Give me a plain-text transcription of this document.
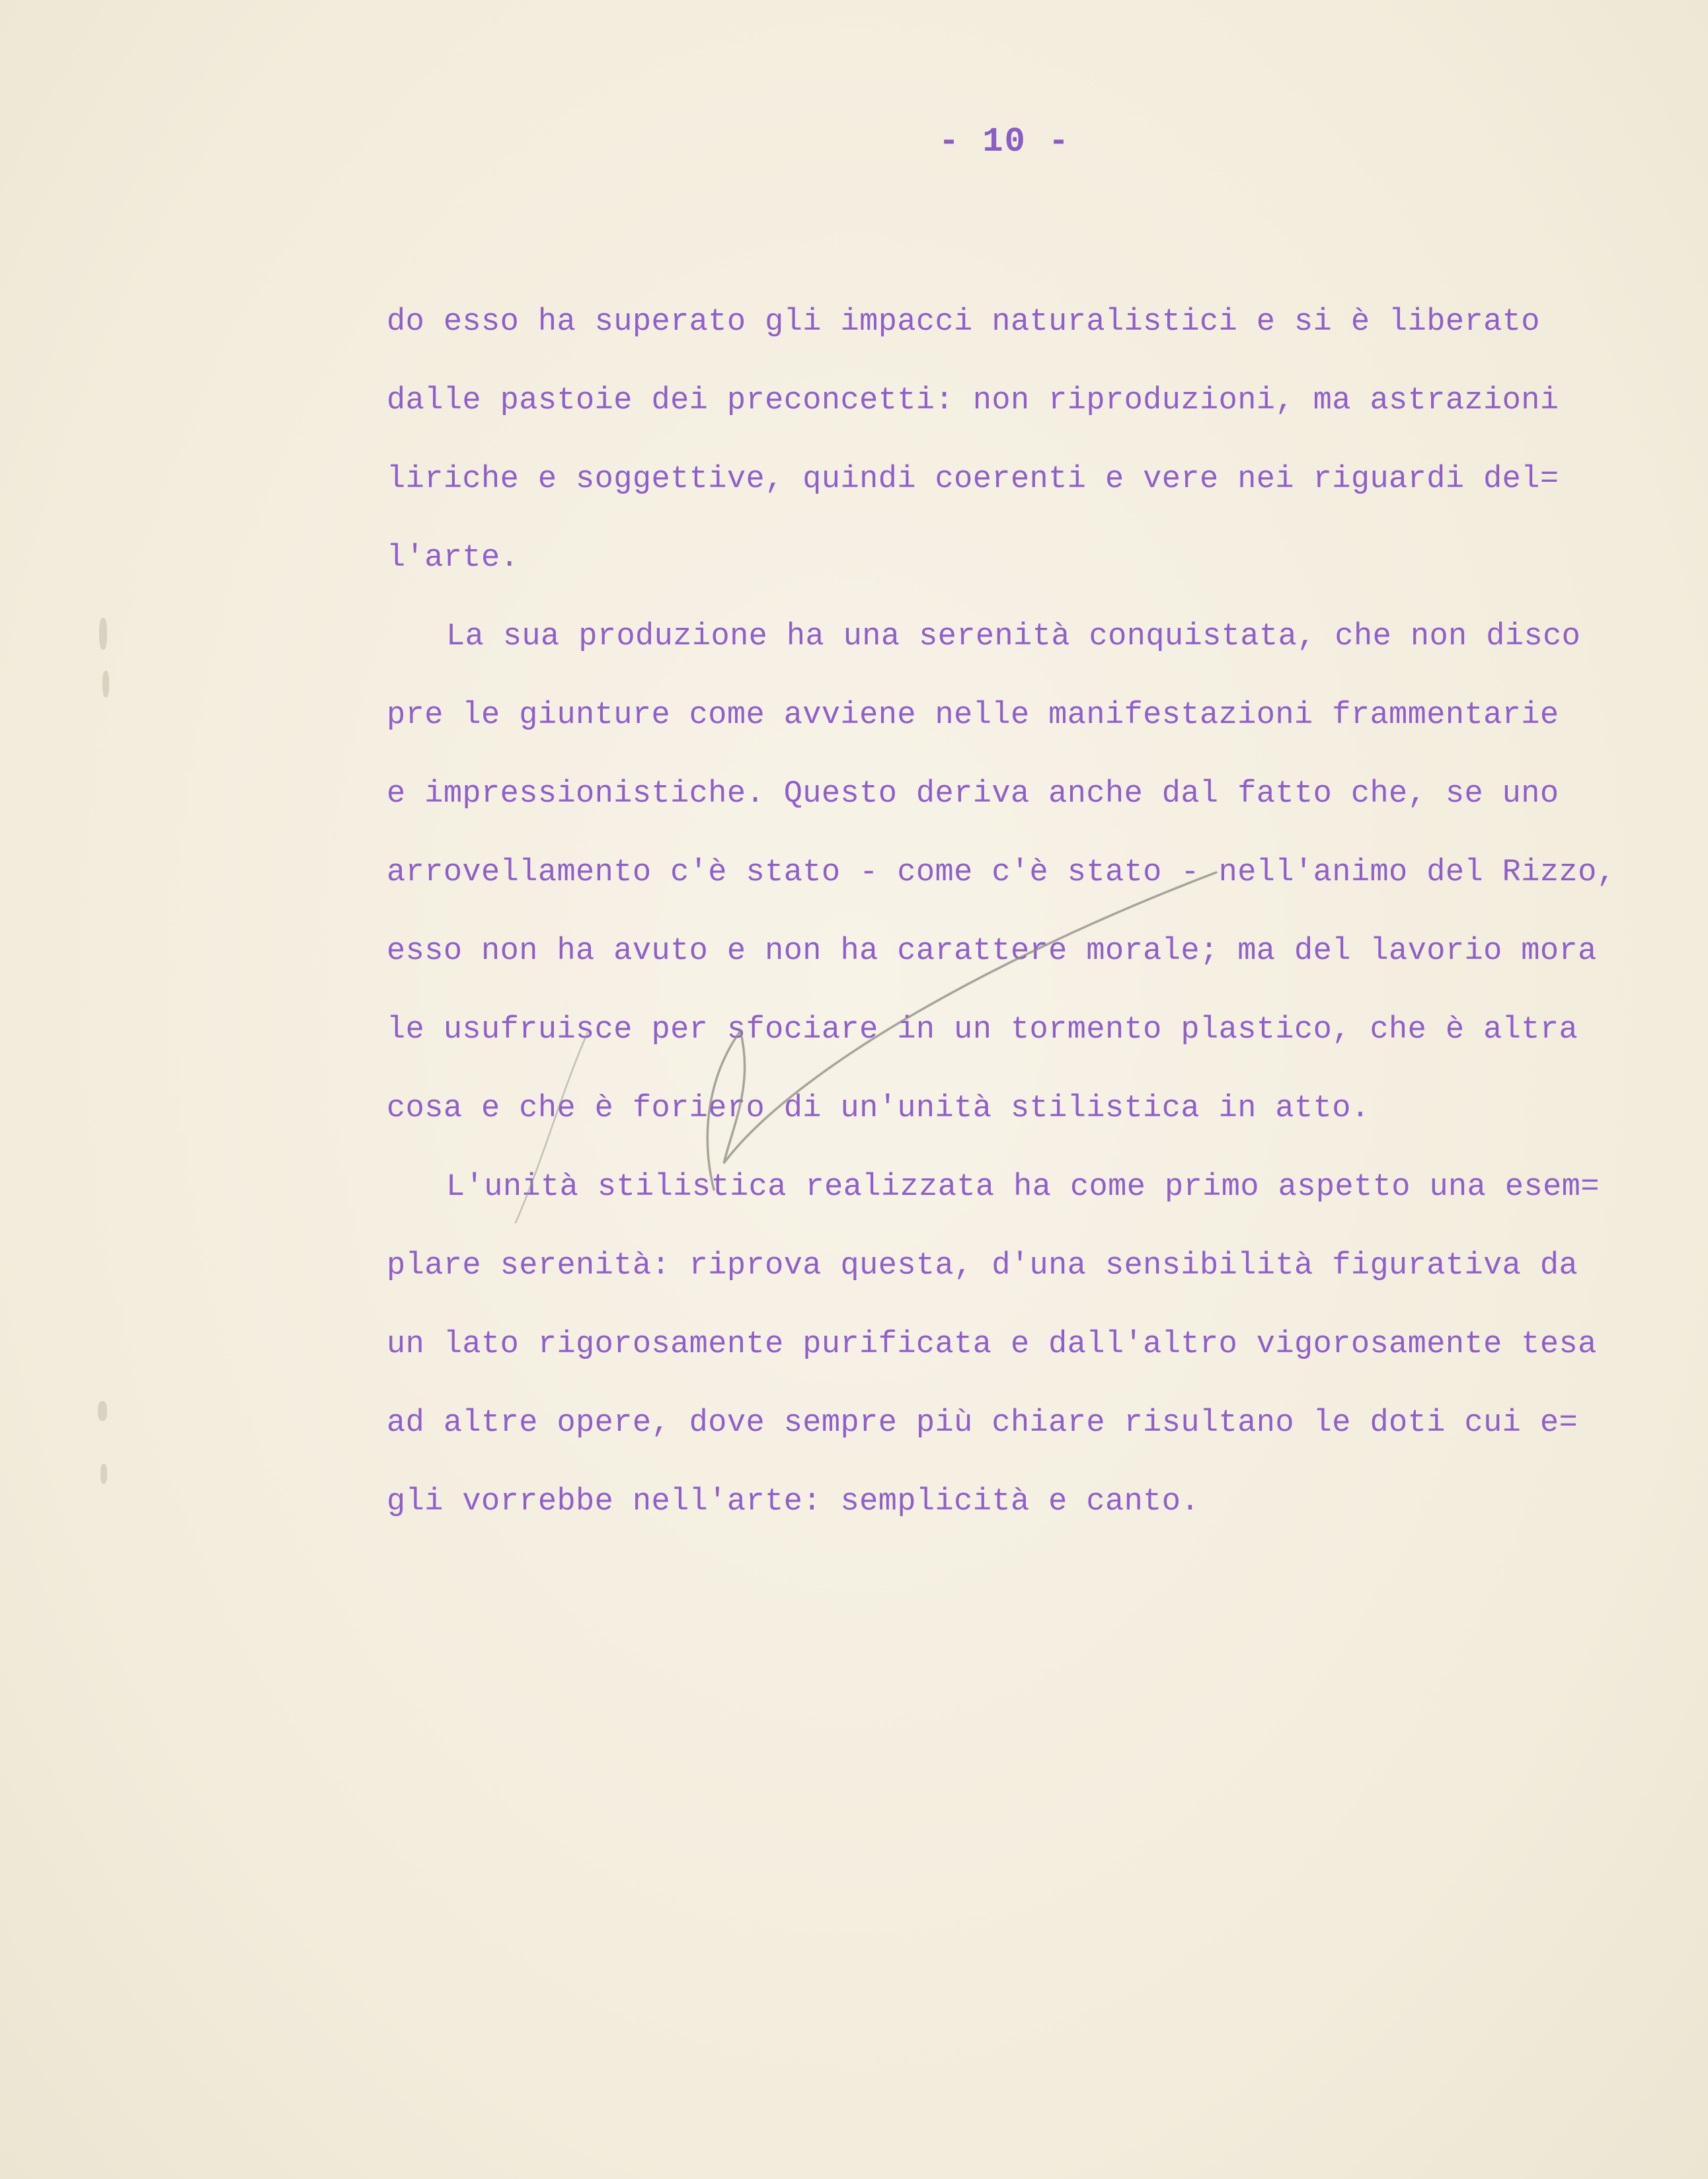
- 10 -
do esso ha superato gli impacci naturalistici e si è liberato
dalle pastoie dei preconcetti: non riproduzioni, ma astrazioni
liriche e soggettive, quindi coerenti e vere nei riguardi del=
l'arte.
La sua produzione ha una serenità conquistata, che non disco
pre le giunture come avviene nelle manifestazioni frammentarie
e impressionistiche. Questo deriva anche dal fatto che, se uno
arrovellamento c'è stato - come c'è stato - nell'animo del Rizzo,
esso non ha avuto e non ha carattere morale; ma del lavorio mora
le usufruisce per sfociare in un tormento plastico, che è altra
cosa e che è foriero di un'unità stilistica in atto.
L'unità stilistica realizzata ha come primo aspetto una esem=
plare serenità: riprova questa, d'una sensibilità figurativa da
un lato rigorosamente purificata e dall'altro vigorosamente tesa
ad altre opere, dove sempre più chiare risultano le doti cui e=
gli vorrebbe nell'arte: semplicità e canto.
